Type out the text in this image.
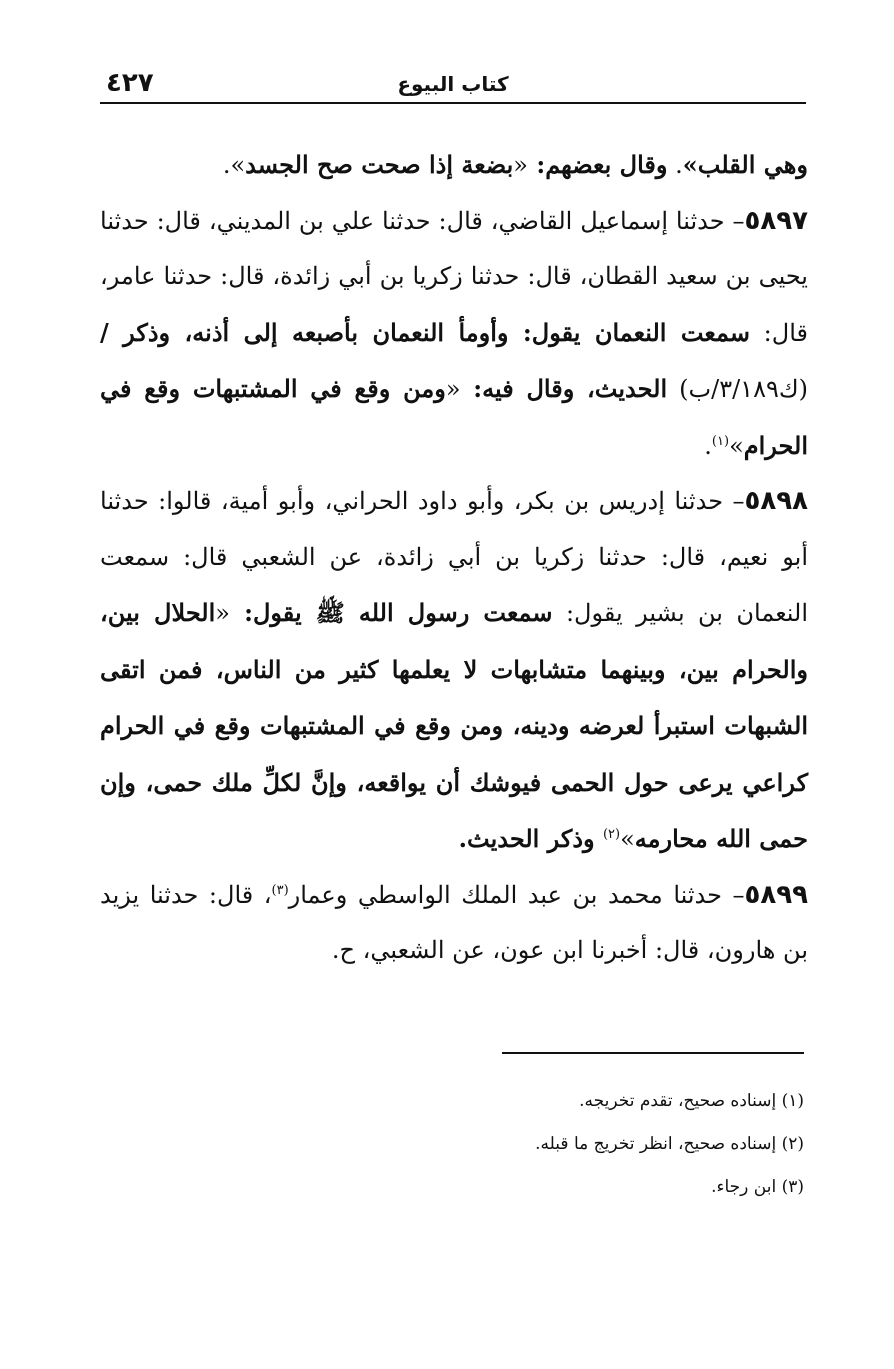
كتاب البيوع
٤٢٧

وهي القلب». وقال بعضهم: «بضعة إذا صحت صح الجسد».

٥٨٩٧– حدثنا إسماعيل القاضي، قال: حدثنا علي بن المديني، قال: حدثنا يحيى بن سعيد القطان، قال: حدثنا زكريا بن أبي زائدة، قال: حدثنا عامر، قال: سمعت النعمان يقول: وأومأ النعمان بأصبعه إلى أذنه، وذكر / (ك٣/١٨٩/ب) الحديث، وقال فيه: «ومن وقع في المشتبهات وقع في الحرام»$^{(١)}$.

٥٨٩٨– حدثنا إدريس بن بكر، وأبو داود الحراني، وأبو أمية، قالوا: حدثنا أبو نعيم، قال: حدثنا زكريا بن أبي زائدة، عن الشعبي قال: سمعت النعمان بن بشير يقول: سمعت رسول الله ﷺ يقول: «الحلال بين، والحرام بين، وبينهما متشابهات لا يعلمها كثير من الناس، فمن اتقى الشبهات استبرأ لعرضه ودينه، ومن وقع في المشتبهات وقع في الحرام كراعي يرعى حول الحمى فيوشك أن يواقعه، وإنَّ لكلِّ ملك حمى، وإن حمى الله محارمه»$^{(٢)}$ وذكر الحديث.

٥٨٩٩– حدثنا محمد بن عبد الملك الواسطي وعمار$^{(٣)}$، قال: حدثنا يزيد بن هارون، قال: أخبرنا ابن عون، عن الشعبي، ح.

(١) إسناده صحيح، تقدم تخريجه.

(٢) إسناده صحيح، انظر تخريج ما قبله.

(٣) ابن رجاء.
